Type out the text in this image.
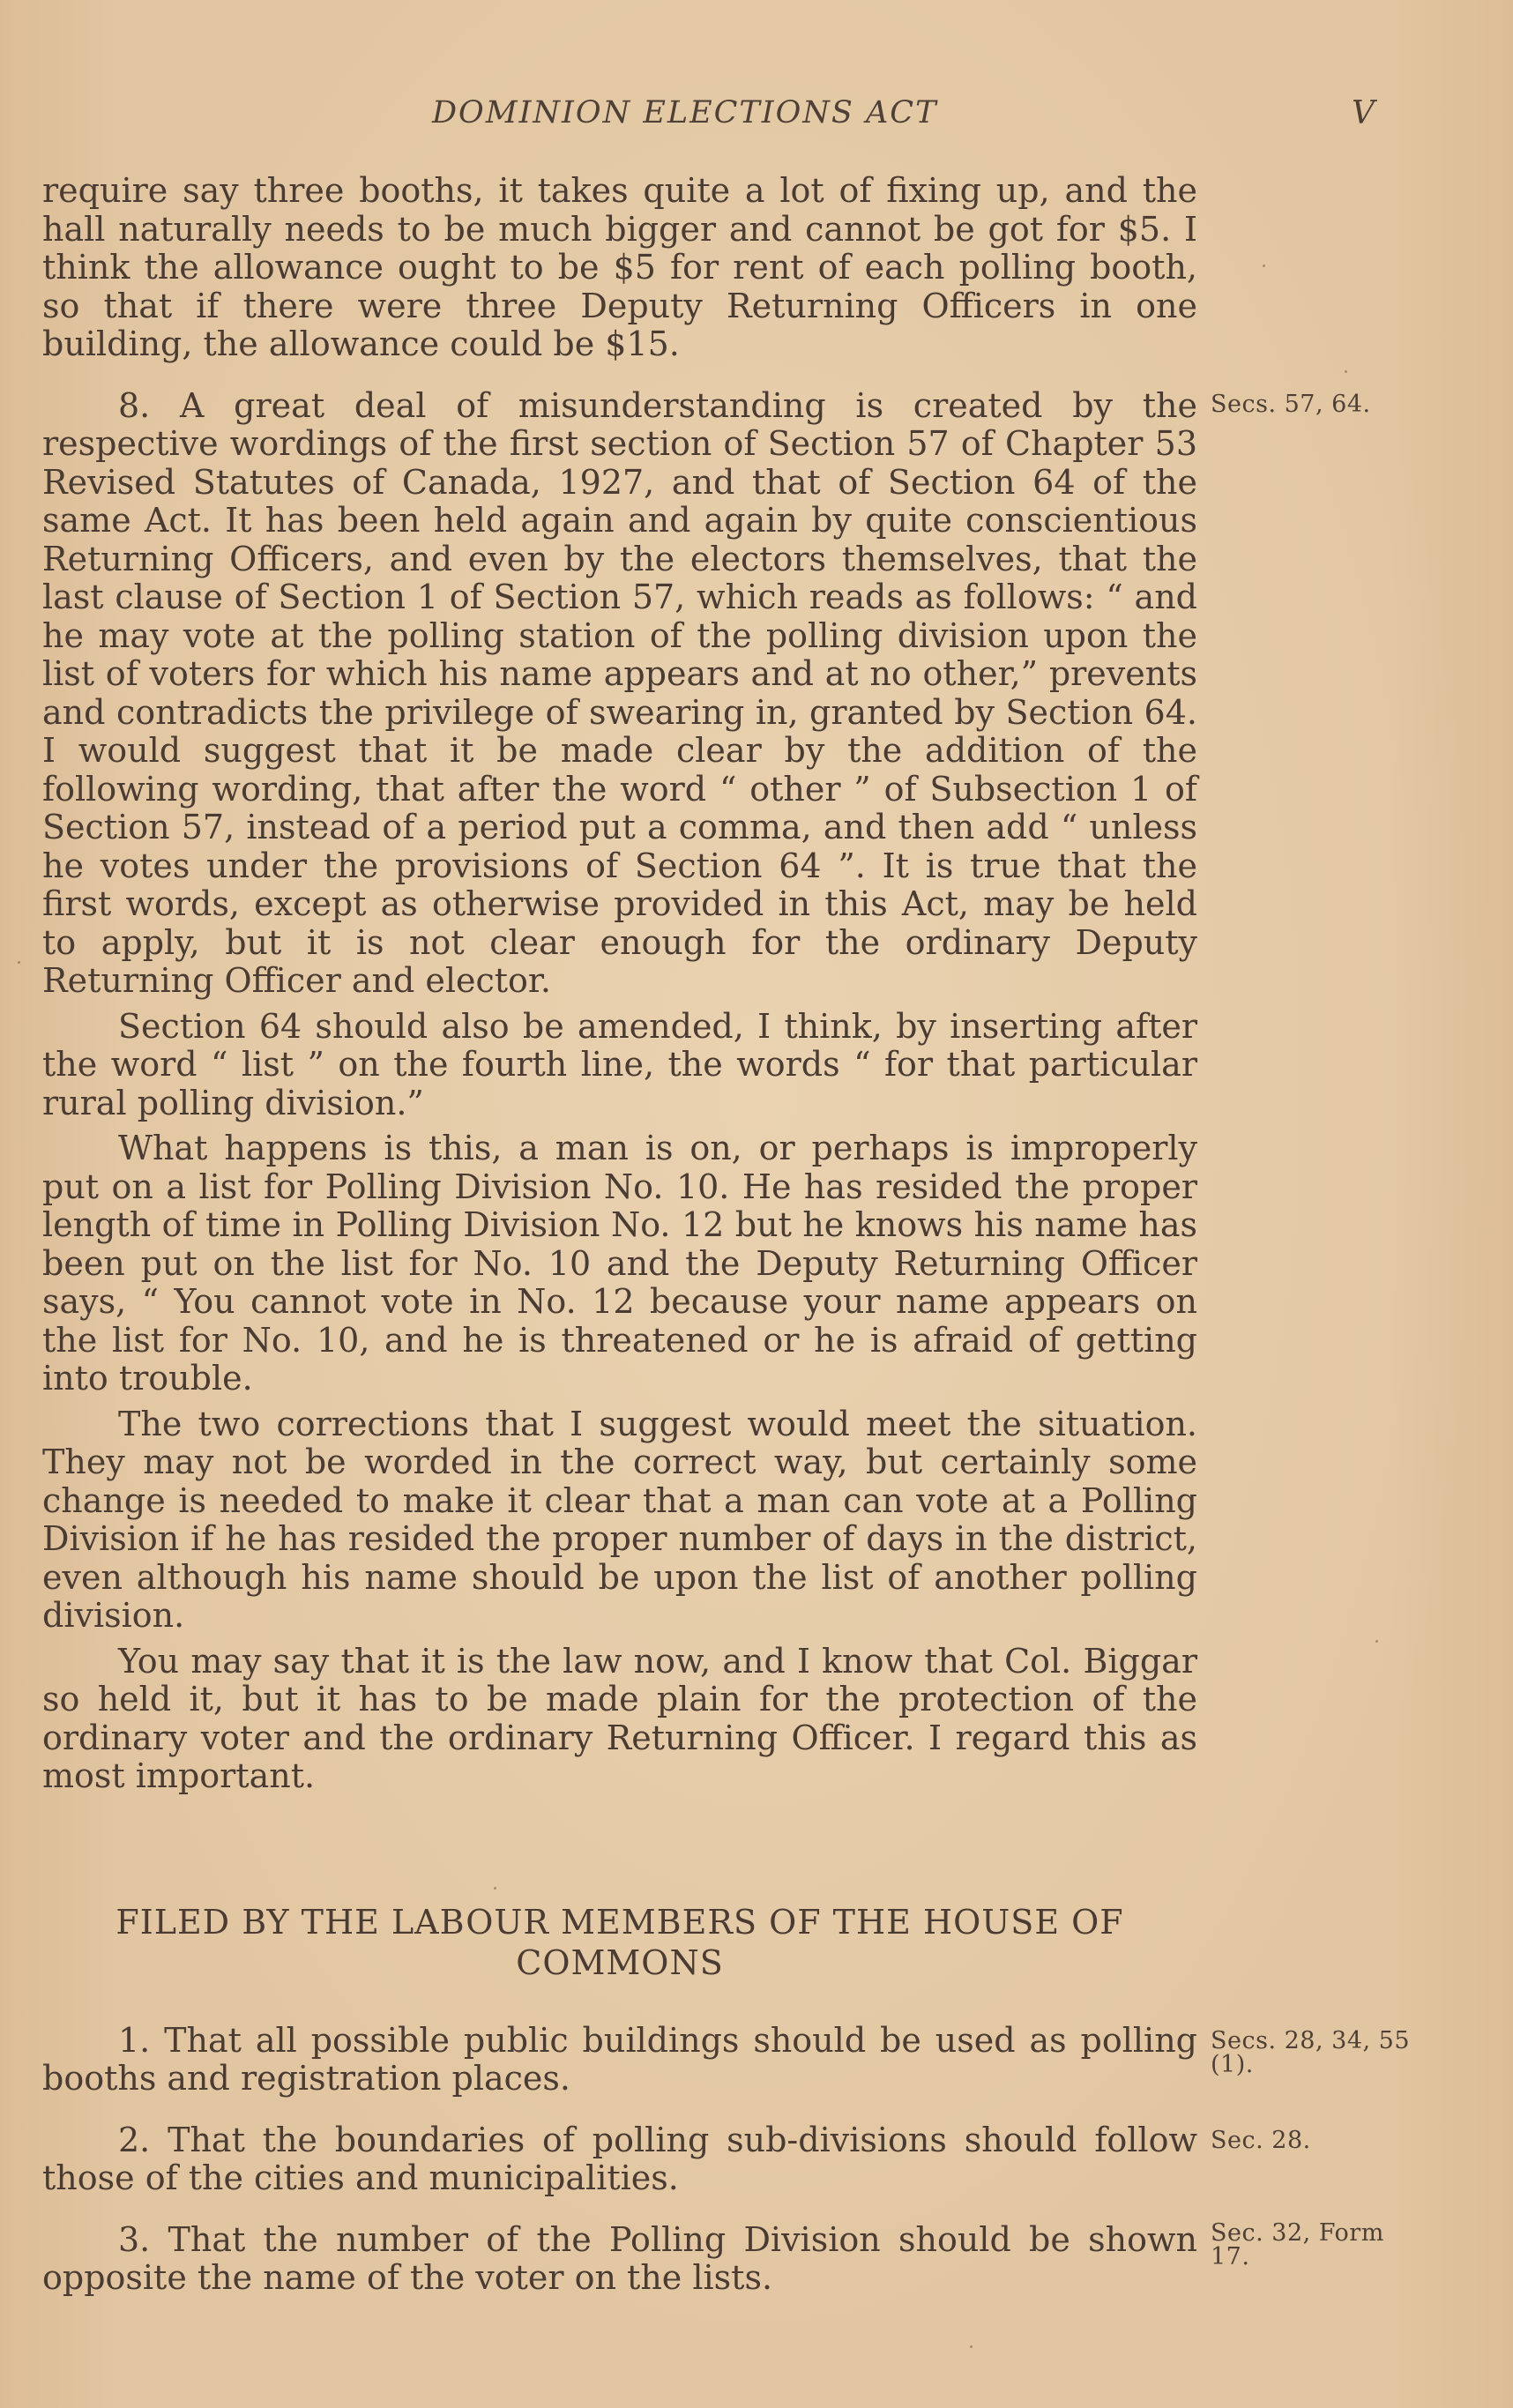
DOMINION ELECTIONS ACT	V

require say three booths, it takes quite a lot of fixing up, and the hall naturally needs to be much bigger and cannot be got for $5. I think the allowance ought to be $5 for rent of each polling booth, so that if there were three Deputy Returning Officers in one building, the allowance could be $15.

Secs. 57, 64.

8. A great deal of misunderstanding is created by the respective wordings of the first section of Section 57 of Chapter 53 Revised Statutes of Canada, 1927, and that of Section 64 of the same Act. It has been held again and again by quite conscientious Returning Officers, and even by the electors themselves, that the last clause of Section 1 of Section 57, which reads as follows: “ and he may vote at the polling station of the polling division upon the list of voters for which his name appears and at no other,” prevents and contradicts the privilege of swearing in, granted by Section 64. I would suggest that it be made clear by the addition of the following wording, that after the word “ other ” of Subsection 1 of Section 57, instead of a period put a comma, and then add “ unless he votes under the provisions of Section 64 ”. It is true that the first words, except as otherwise provided in this Act, may be held to apply, but it is not clear enough for the ordinary Deputy Returning Officer and elector.

Section 64 should also be amended, I think, by inserting after the word “ list ” on the fourth line, the words “ for that particular rural polling division.”

What happens is this, a man is on, or perhaps is improperly put on a list for Polling Division No. 10. He has resided the proper length of time in Polling Division No. 12 but he knows his name has been put on the list for No. 10 and the Deputy Returning Officer says, “ You cannot vote in No. 12 because your name appears on the list for No. 10, and he is threatened or he is afraid of getting into trouble.

The two corrections that I suggest would meet the situation. They may not be worded in the correct way, but certainly some change is needed to make it clear that a man can vote at a Polling Division if he has resided the proper number of days in the district, even although his name should be upon the list of another polling division.

You may say that it is the law now, and I know that Col. Biggar so held it, but it has to be made plain for the protection of the ordinary voter and the ordinary Returning Officer. I regard this as most important.

FILED BY THE LABOUR MEMBERS OF THE HOUSE OF COMMONS
Secs. 28, 34, 55 (1).

1. That all possible public buildings should be used as polling booths and registration places.

Sec. 28.

2. That the boundaries of polling sub-divisions should follow those of the cities and municipalities.

Sec. 32, Form 17.

3. That the number of the Polling Division should be shown opposite the name of the voter on the lists.
